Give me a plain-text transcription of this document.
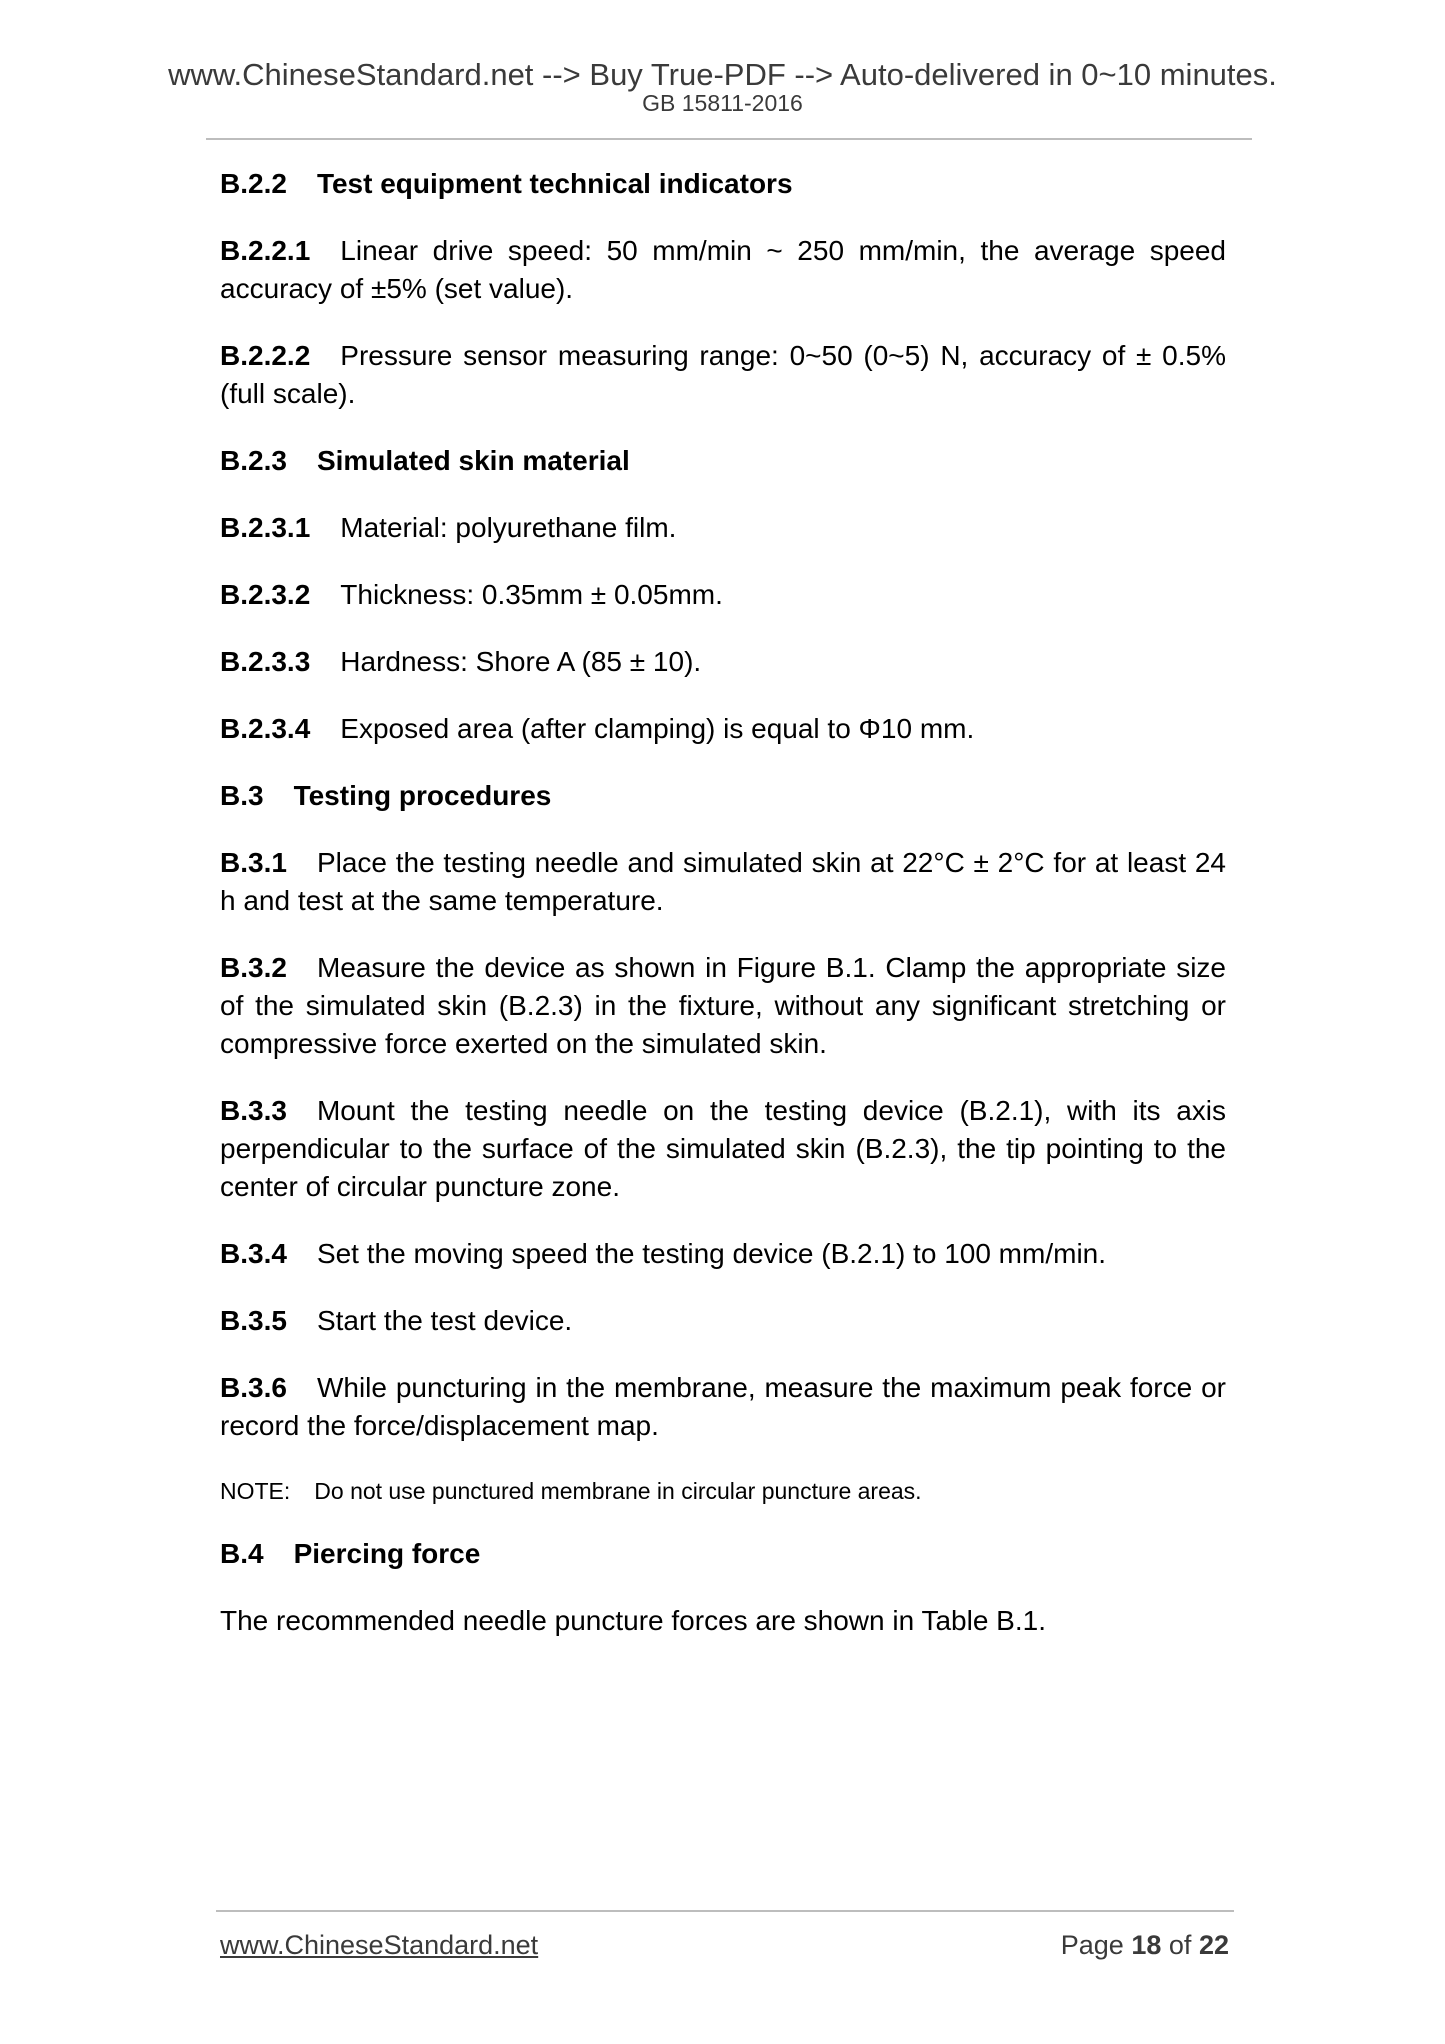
www.ChineseStandard.net --> Buy True-PDF --> Auto-delivered in 0~10 minutes.
GB 15811-2016
B.2.2 Test equipment technical indicators
B.2.2.1 Linear drive speed: 50 mm/min ~ 250 mm/min, the average speed accuracy of ±5% (set value).
B.2.2.2 Pressure sensor measuring range: 0~50 (0~5) N, accuracy of ± 0.5% (full scale).
B.2.3 Simulated skin material
B.2.3.1 Material: polyurethane film.
B.2.3.2 Thickness: 0.35mm ± 0.05mm.
B.2.3.3 Hardness: Shore A (85 ± 10).
B.2.3.4 Exposed area (after clamping) is equal to Φ10 mm.
B.3 Testing procedures
B.3.1 Place the testing needle and simulated skin at 22°C ± 2°C for at least 24 h and test at the same temperature.
B.3.2 Measure the device as shown in Figure B.1. Clamp the appropriate size of the simulated skin (B.2.3) in the fixture, without any significant stretching or compressive force exerted on the simulated skin.
B.3.3 Mount the testing needle on the testing device (B.2.1), with its axis perpendicular to the surface of the simulated skin (B.2.3), the tip pointing to the center of circular puncture zone.
B.3.4 Set the moving speed the testing device (B.2.1) to 100 mm/min.
B.3.5 Start the test device.
B.3.6 While puncturing in the membrane, measure the maximum peak force or record the force/displacement map.
NOTE: Do not use punctured membrane in circular puncture areas.
B.4 Piercing force
The recommended needle puncture forces are shown in Table B.1.
www.ChineseStandard.net	Page 18 of 22
